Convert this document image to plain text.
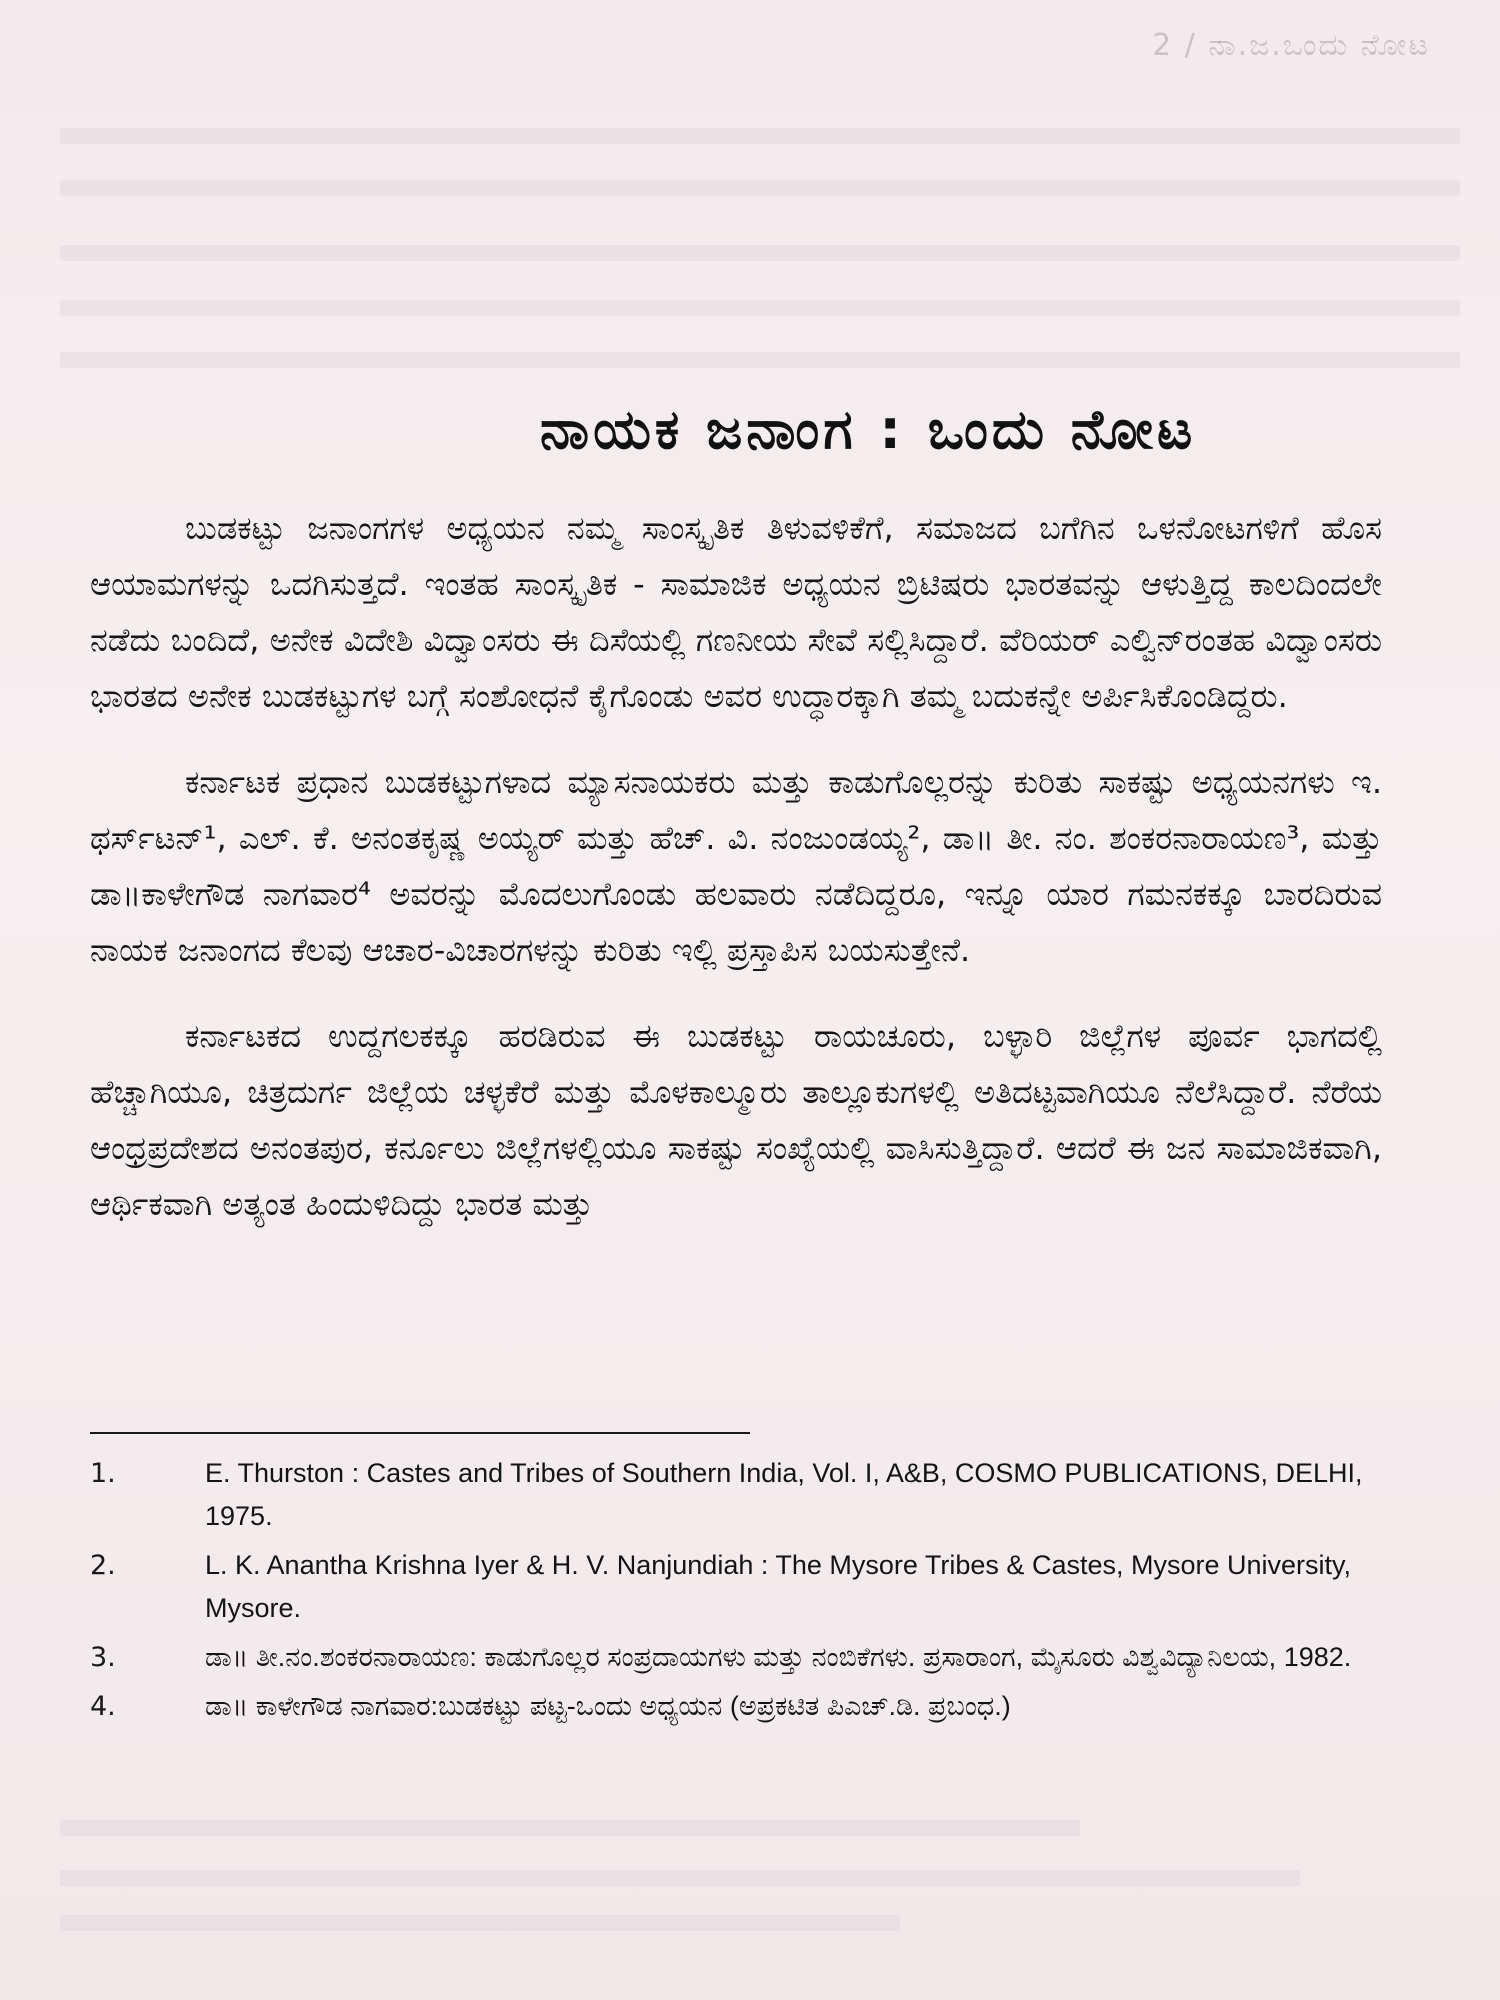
2 / ನಾ.ಜ.ಒಂದು ನೋಟ
ನಾಯಕ ಜನಾಂಗ : ಒಂದು ನೋಟ

ಬುಡಕಟ್ಟು ಜನಾಂಗಗಳ ಅಧ್ಯಯನ ನಮ್ಮ ಸಾಂಸ್ಕೃತಿಕ ತಿಳುವಳಿಕೆಗೆ, ಸಮಾಜದ ಬಗೆಗಿನ ಒಳನೋಟಗಳಿಗೆ ಹೊಸ ಆಯಾಮಗಳನ್ನು ಒದಗಿಸುತ್ತದೆ. ಇಂತಹ ಸಾಂಸ್ಕೃತಿಕ - ಸಾಮಾಜಿಕ ಅಧ್ಯಯನ ಬ್ರಿಟಿಷರು ಭಾರತವನ್ನು ಆಳುತ್ತಿದ್ದ ಕಾಲದಿಂದಲೇ ನಡೆದು ಬಂದಿದೆ, ಅನೇಕ ವಿದೇಶಿ ವಿದ್ವಾಂಸರು ಈ ದಿಸೆಯಲ್ಲಿ ಗಣನೀಯ ಸೇವೆ ಸಲ್ಲಿಸಿದ್ದಾರೆ. ವೆರಿಯರ್ ಎಲ್ವಿನ್‌ರಂತಹ ವಿದ್ವಾಂಸರು ಭಾರತದ ಅನೇಕ ಬುಡಕಟ್ಟುಗಳ ಬಗ್ಗೆ ಸಂಶೋಧನೆ ಕೈಗೊಂಡು ಅವರ ಉದ್ಧಾರಕ್ಕಾಗಿ ತಮ್ಮ ಬದುಕನ್ನೇ ಅರ್ಪಿಸಿಕೊಂಡಿದ್ದರು.

ಕರ್ನಾಟಕ ಪ್ರಧಾನ ಬುಡಕಟ್ಟುಗಳಾದ ಮ್ಯಾಸನಾಯಕರು ಮತ್ತು ಕಾಡುಗೊಲ್ಲರನ್ನು ಕುರಿತು ಸಾಕಷ್ಟು ಅಧ್ಯಯನಗಳು ಇ. ಥರ್ಸ್‌ಟನ್¹, ಎಲ್. ಕೆ. ಅನಂತಕೃಷ್ಣ ಅಯ್ಯರ್ ಮತ್ತು ಹೆಚ್. ವಿ. ನಂಜುಂಡಯ್ಯ², ಡಾ॥ ತೀ. ನಂ. ಶಂಕರನಾರಾಯಣ³, ಮತ್ತು ಡಾ॥ಕಾಳೇಗೌಡ ನಾಗವಾರ⁴ ಅವರನ್ನು ಮೊದಲುಗೊಂಡು ಹಲವಾರು ನಡೆದಿದ್ದರೂ, ಇನ್ನೂ ಯಾರ ಗಮನಕಕ್ಕೂ ಬಾರದಿರುವ ನಾಯಕ ಜನಾಂಗದ ಕೆಲವು ಆಚಾರ-ವಿಚಾರಗಳನ್ನು ಕುರಿತು ಇಲ್ಲಿ ಪ್ರಸ್ತಾಪಿಸ ಬಯಸುತ್ತೇನೆ.

ಕರ್ನಾಟಕದ ಉದ್ದಗಲಕಕ್ಕೂ ಹರಡಿರುವ ಈ ಬುಡಕಟ್ಟು ರಾಯಚೂರು, ಬಳ್ಳಾರಿ ಜಿಲ್ಲೆಗಳ ಪೂರ್ವ ಭಾಗದಲ್ಲಿ ಹೆಚ್ಚಾಗಿಯೂ, ಚಿತ್ರದುರ್ಗ ಜಿಲ್ಲೆಯ ಚಳ್ಳಕೆರೆ ಮತ್ತು ಮೊಳಕಾಲ್ಮೂರು ತಾಲ್ಲೂಕುಗಳಲ್ಲಿ ಅತಿದಟ್ಟವಾಗಿಯೂ ನೆಲೆಸಿದ್ದಾರೆ. ನೆರೆಯ ಆಂಧ್ರಪ್ರದೇಶದ ಅನಂತಪುರ, ಕರ್ನೂಲು ಜಿಲ್ಲೆಗಳಲ್ಲಿಯೂ ಸಾಕಷ್ಟು ಸಂಖ್ಯೆಯಲ್ಲಿ ವಾಸಿಸುತ್ತಿದ್ದಾರೆ. ಆದರೆ ಈ ಜನ ಸಾಮಾಜಿಕವಾಗಿ, ಆರ್ಥಿಕವಾಗಿ ಅತ್ಯಂತ ಹಿಂದುಳಿದಿದ್ದು ಭಾರತ ಮತ್ತು

1.	E. Thurston : Castes and Tribes of Southern India, Vol. I, A&B, COSMO PUBLICATIONS, DELHI, 1975.
2.	L. K. Anantha Krishna Iyer & H. V. Nanjundiah : The Mysore Tribes & Castes, Mysore University, Mysore.
3.	ಡಾ॥ ತೀ.ನಂ.ಶಂಕರನಾರಾಯಣ: ಕಾಡುಗೊಲ್ಲರ ಸಂಪ್ರದಾಯಗಳು ಮತ್ತು ನಂಬಿಕೆಗಳು. ಪ್ರಸಾರಾಂಗ, ಮೈಸೂರು ವಿಶ್ವವಿದ್ಯಾನಿಲಯ, 1982.
4.	ಡಾ॥ ಕಾಳೇಗೌಡ ನಾಗವಾರ:ಬುಡಕಟ್ಟು ಪಟ್ಟ-ಒಂದು ಅಧ್ಯಯನ (ಅಪ್ರಕಟಿತ ಪಿಎಚ್.ಡಿ. ಪ್ರಬಂಧ.)
